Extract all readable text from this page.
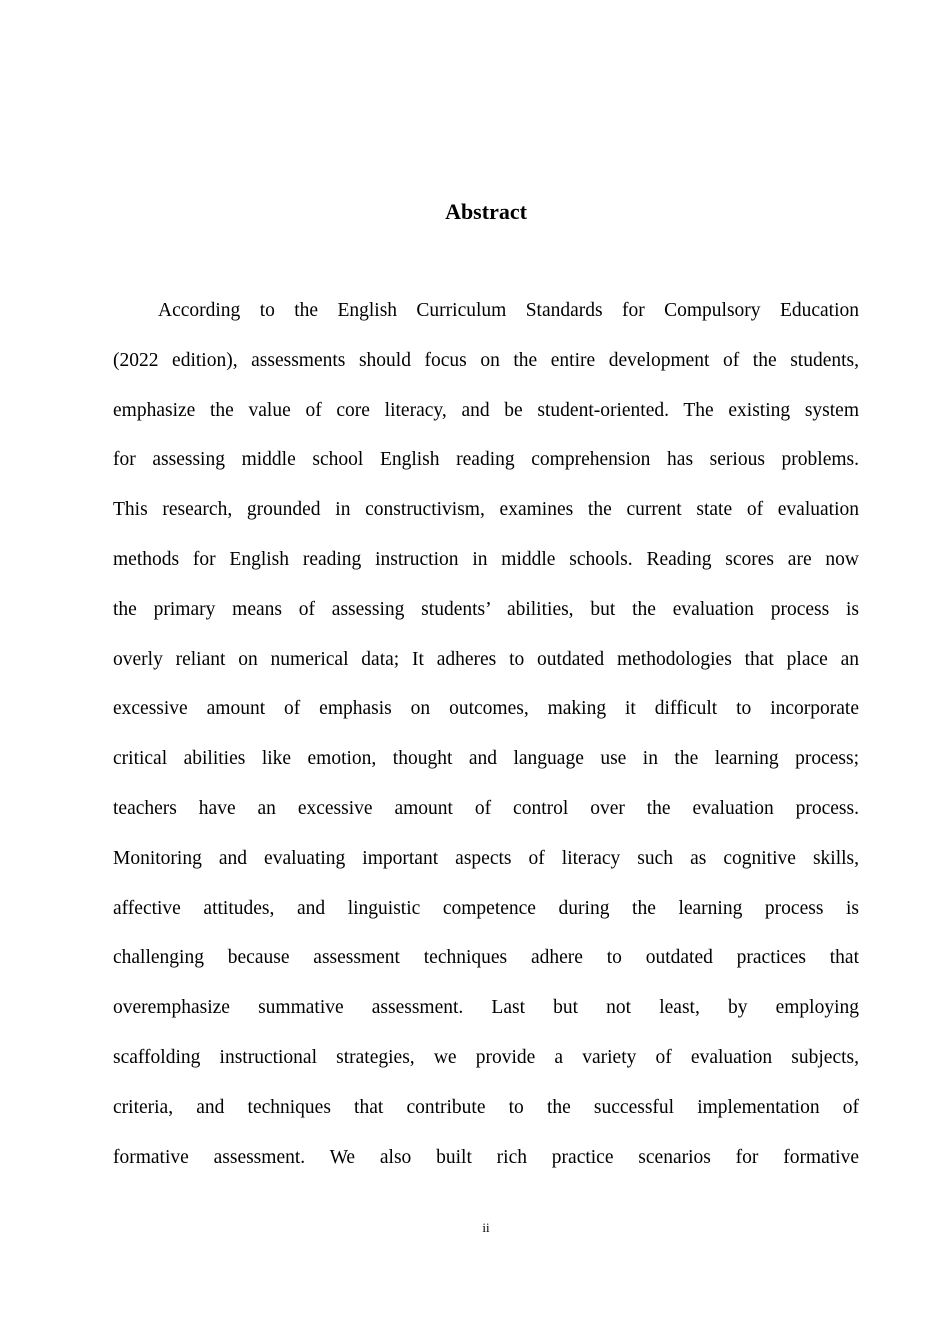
Abstract
According to the English Curriculum Standards for Compulsory Education
(2022 edition), assessments should focus on the entire development of the students,
emphasize the value of core literacy, and be student-oriented. The existing system
for assessing middle school English reading comprehension has serious problems.
This research, grounded in constructivism, examines the current state of evaluation
methods for English reading instruction in middle schools. Reading scores are now
the primary means of assessing students’ abilities, but the evaluation process is
overly reliant on numerical data; It adheres to outdated methodologies that place an
excessive amount of emphasis on outcomes, making it difficult to incorporate
critical abilities like emotion, thought and language use in the learning process;
teachers have an excessive amount of control over the evaluation process.
Monitoring and evaluating important aspects of literacy such as cognitive skills,
affective attitudes, and linguistic competence during the learning process is
challenging because assessment techniques adhere to outdated practices that
overemphasize summative assessment. Last but not least, by employing
scaffolding instructional strategies, we provide a variety of evaluation subjects,
criteria, and techniques that contribute to the successful implementation of
formative assessment. We also built rich practice scenarios for formative
ii
